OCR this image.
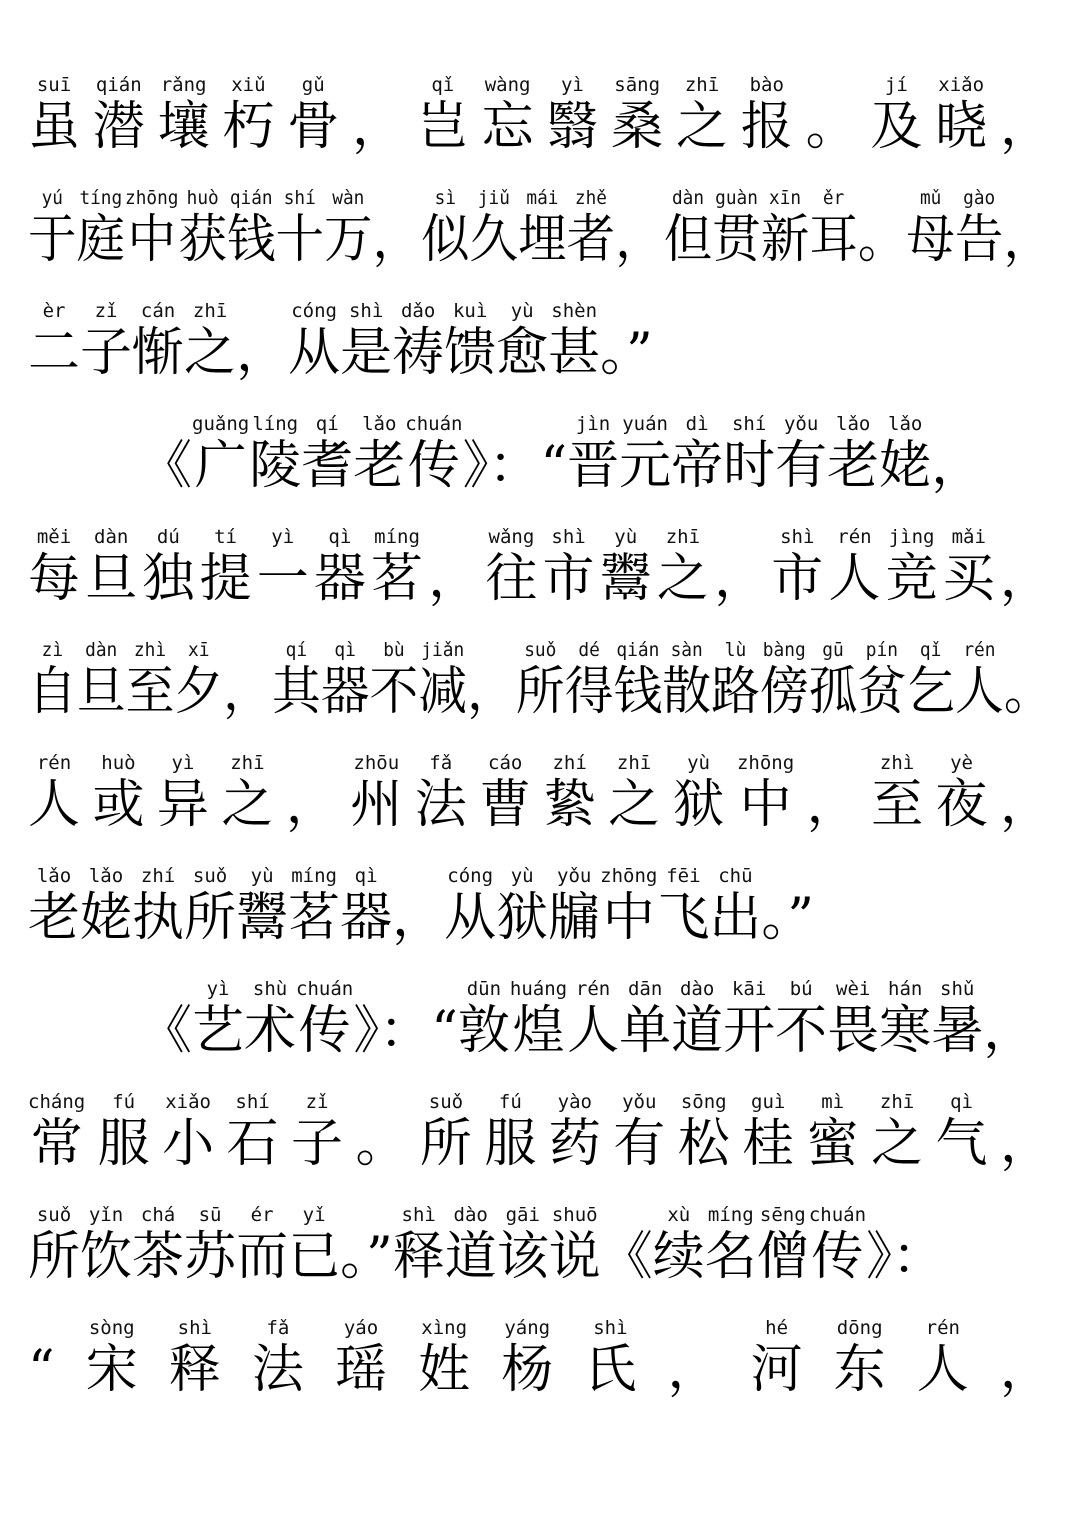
suī
虽
qián
潜
rǎng
壤
xiǔ
朽
gǔ
骨 ，
qǐ
岂
wàng
忘
yì
翳
sāng
桑
zhī
之
bào
报 。
jí
及
xiǎo
晓 ，
yú
于
tíng
庭
zhōng
中
huò
获
qián
钱
shí
十
wàn
万 ，
sì
似
jiǔ
久
mái
埋
zhě
者 ，
dàn
但
guàn
贯
xīn
新
ěr
耳 。
mǔ
母
gào
告 ，
èr
二
zǐ
子
cán
惭
zhī
之 ，
cóng
从
shì
是
dǎo
祷
kuì
馈
yù
愈
shèn
甚 。”
《
guǎng
广
líng
陵
qí
耆
lǎo
老
chuán
传 》： “
jìn
晋
yuán
元
dì
帝
shí
时
yǒu
有
lǎo
老
lǎo
姥 ，
měi
每
dàn
旦
dú
独
tí
提
yì
一
qì
器
míng
茗 ，
wǎng
往
shì
市
yù
鬻
zhī
之 ，
shì
市
rén
人
jìng
竞
mǎi
买 ，
zì
自
dàn
旦
zhì
至
xī
夕 ，
qí
其
qì
器
bù
不
jiǎn
减 ，
suǒ
所
dé
得
qián
钱
sàn
散
lù
路
bàng
傍
gū
孤
pín
贫
qǐ
乞
rén
人 。
rén
人
huò
或
yì
异
zhī
之 ，
zhōu
州
fǎ
法
cáo
曹
zhí
絷
zhī
之
yù
狱
zhōng
中 ，
zhì
至
yè
夜 ，
lǎo
老
lǎo
姥
zhí
执
suǒ
所
yù
鬻
míng
茗
qì
器 ，
cóng
从
yù
狱
yǒu
牖
zhōng
中
fēi
飞
chū
出 。”
《
yì
艺
shù
术
chuán
传 》： “
dūn
敦
huáng
煌
rén
人
dān
单
dào
道
kāi
开
bú
不
wèi
畏
hán
寒
shǔ
暑 ，
cháng
常
fú
服
xiǎo
小
shí
石
zǐ
子 。
suǒ
所
fú
服
yào
药
yǒu
有
sōng
松
guì
桂
mì
蜜
zhī
之
qì
气 ，
suǒ
所
yǐn
饮
chá
茶
sū
苏
ér
而
yǐ
已 。”
shì
释
dào
道
gāi
该
shuō
说 《
xù
续
míng
名
sēng
僧
chuán
传 》：
“
sòng
宋
shì
释
fǎ
法
yáo
瑶
xìng
姓
yáng
杨
shì
氏 ，
hé
河
dōng
东
rén
人 ，
